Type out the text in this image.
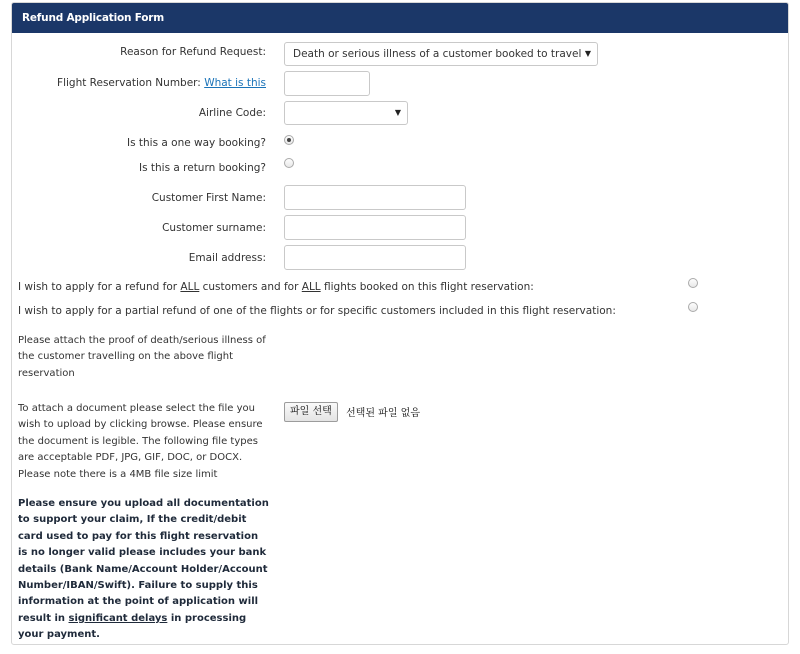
Refund Application Form
Reason for Refund Request:	Death or serious illness of a customer booked to travel ▼
Flight Reservation Number: What is this
Airline Code:	▼
Is this a one way booking?
Is this a return booking?
Customer First Name:
Customer surname:
Email address:
I wish to apply for a refund for ALL customers and for ALL flights booked on this flight reservation:
I wish to apply for a partial refund of one of the flights or for specific customers included in this flight reservation:
Please attach the proof of death/serious illness of the customer travelling on the above flight reservation
To attach a document please select the file you wish to upload by clicking browse. Please ensure the document is legible. The following file types are acceptable PDF, JPG, GIF, DOC, or DOCX. Please note there is a 4MB file size limit
파일 선택	선택된 파일 없음
Please ensure you upload all documentation to support your claim, If the credit/debit card used to pay for this flight reservation is no longer valid please includes your bank details (Bank Name/Account Holder/Account Number/IBAN/Swift). Failure to supply this information at the point of application will result in significant delays in processing your payment.
